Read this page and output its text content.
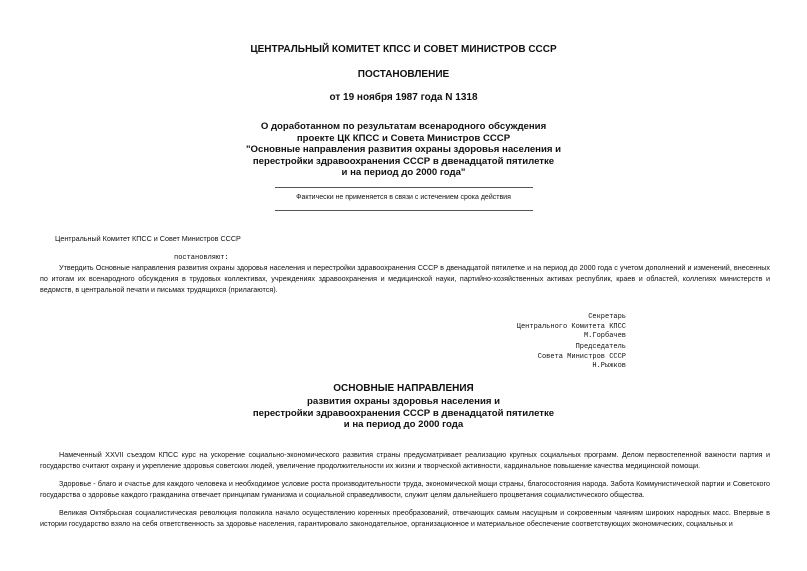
ЦЕНТРАЛЬНЫЙ КОМИТЕТ КПСС И СОВЕТ МИНИСТРОВ СССР
ПОСТАНОВЛЕНИЕ
от 19 ноября 1987 года N 1318
О доработанном по результатам всенародного обсуждения
проекте ЦК КПСС и Совета Министров СССР
"Основные направления развития охраны здоровья населения и
перестройки здравоохранения СССР в двенадцатой пятилетке
и на период до 2000 года"
Фактически не применяется в связи с истечением срока действия
Центральный Комитет КПСС и Совет Министров СССР
постановляют:
Утвердить Основные направления развития охраны здоровья населения и перестройки здравоохранения СССР в двенадцатой пятилетке и на период до 2000 года с учетом дополнений и изменений, внесенных по итогам их всенародного обсуждения в трудовых коллективах, учреждениях здравоохранения и медицинской науки, партийно-хозяйственных активах республик, краев и областей, коллегиях министерств и ведомств, в центральной печати и письмах трудящихся (прилагаются).
Секретарь
Центрального Комитета КПСС
М.Горбачев
Председатель
Совета Министров СССР
Н.Рыжков
ОСНОВНЫЕ НАПРАВЛЕНИЯ
развития охраны здоровья населения и
перестройки здравоохранения СССР в двенадцатой пятилетке
и на период до 2000 года
Намеченный XXVII съездом КПСС курс на ускорение социально-экономического развития страны предусматривает реализацию крупных социальных программ. Делом первостепенной важности партия и государство считают охрану и укрепление здоровья советских людей, увеличение продолжительности их жизни и творческой активности, кардинальное повышение качества медицинской помощи.
Здоровье - благо и счастье для каждого человека и необходимое условие роста производительности труда, экономической мощи страны, благосостояния народа. Забота Коммунистической партии и Советского государства о здоровье каждого гражданина отвечает принципам гуманизма и социальной справедливости, служит целям дальнейшего процветания социалистического общества.
Великая Октябрьская социалистическая революция положила начало осуществлению коренных преобразований, отвечающих самым насущным и сокровенным чаяниям широких народных масс. Впервые в истории государство взяло на себя ответственность за здоровье населения, гарантировало законодательное, организационное и материальное обеспечение соответствующих экономических, социальных и
